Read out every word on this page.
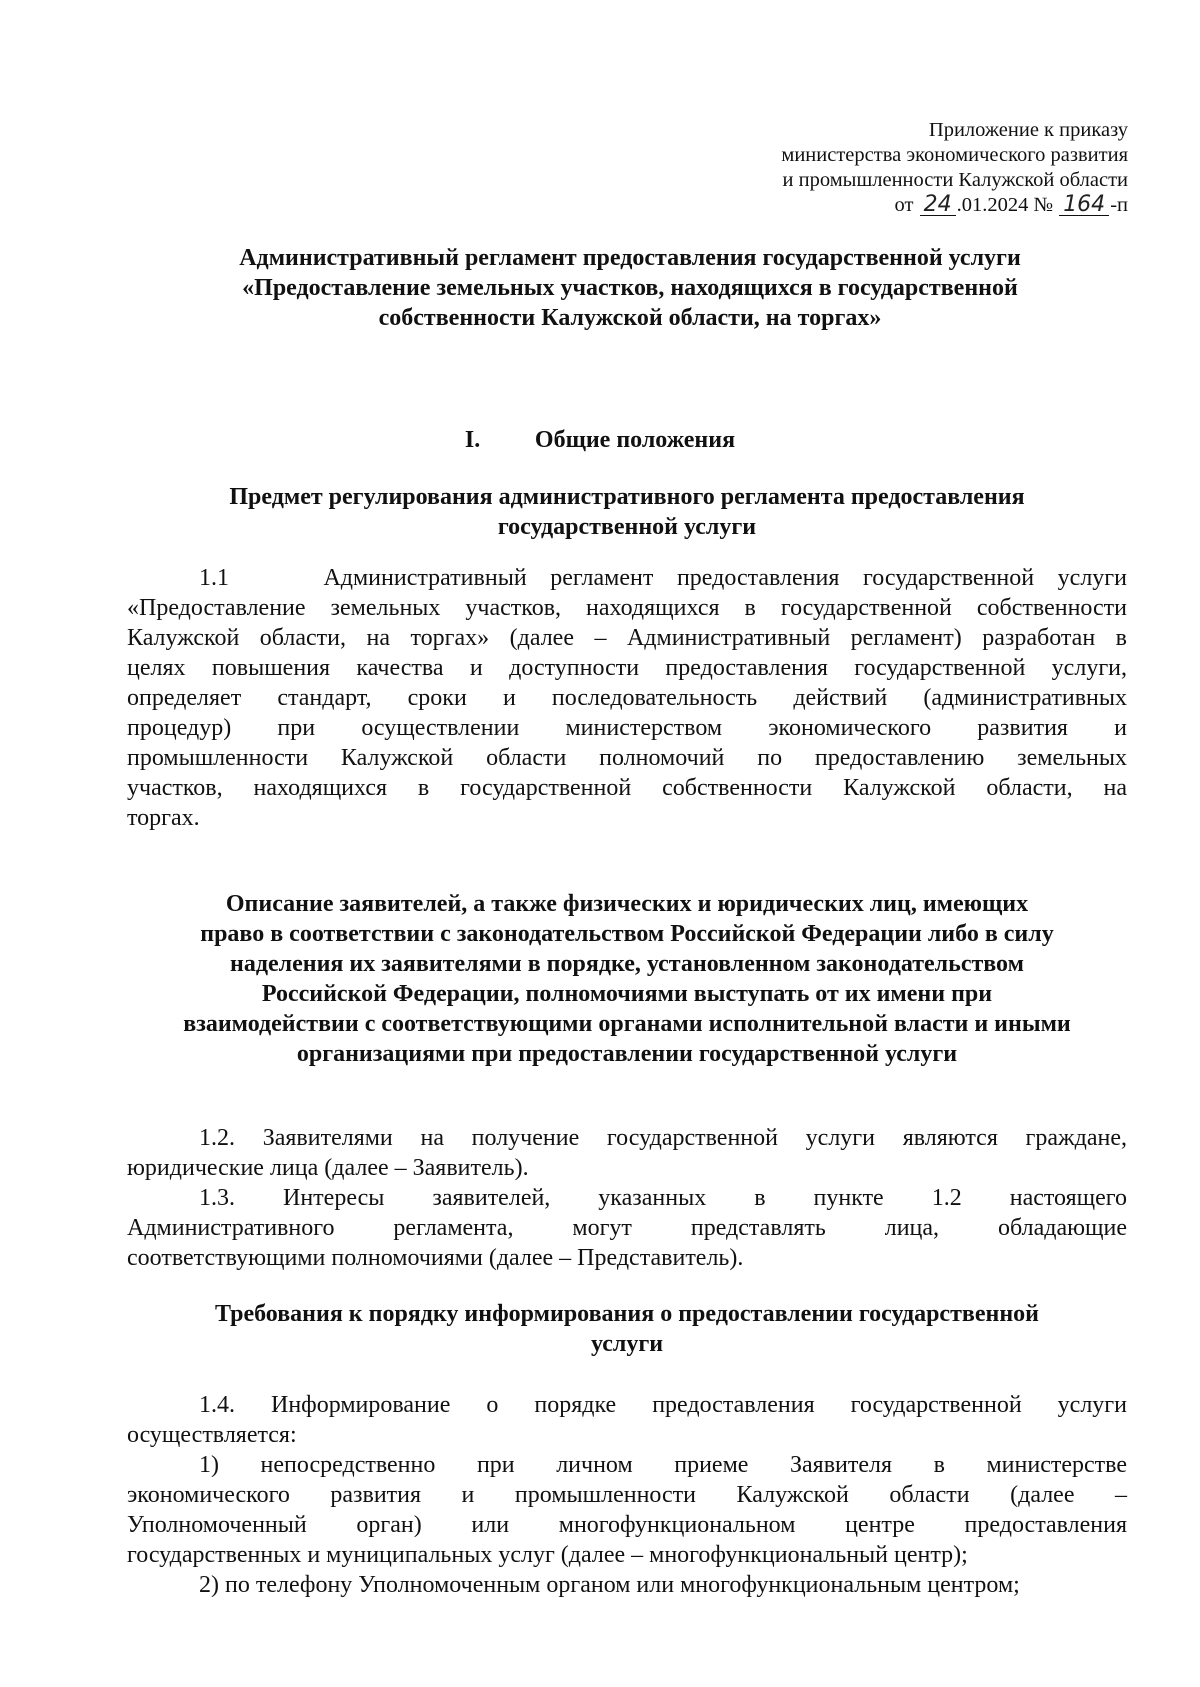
Приложение к приказу
министерства экономического развития
и промышленности Калужской области
от 24 .01.2024 № 164 -п
Административный регламент предоставления государственной услуги
«Предоставление земельных участков, находящихся в государственной
собственности Калужской области, на торгах»
I. Общие положения
Предмет регулирования административного регламента предоставления
государственной услуги
1.1    Административный регламент предоставления государственной услуги
«Предоставление земельных участков, находящихся в государственной собственности
Калужской области, на торгах» (далее – Административный регламент) разработан в
целях повышения качества и доступности предоставления государственной услуги,
определяет стандарт, сроки и последовательность действий (административных
процедур) при осуществлении министерством экономического развития и
промышленности Калужской области полномочий по предоставлению земельных
участков, находящихся в государственной собственности Калужской области, на
торгах.
Описание заявителей, а также физических и юридических лиц, имеющих
право в соответствии с законодательством Российской Федерации либо в силу
наделения их заявителями в порядке, установленном законодательством
Российской Федерации, полномочиями выступать от их имени при
взаимодействии с соответствующими органами исполнительной власти и иными
организациями при предоставлении государственной услуги
1.2. Заявителями на получение государственной услуги являются граждане,
юридические лица (далее – Заявитель).
1.3. Интересы заявителей, указанных в пункте 1.2 настоящего
Административного регламента, могут представлять лица, обладающие
соответствующими полномочиями (далее – Представитель).
Требования к порядку информирования о предоставлении государственной
услуги
1.4. Информирование о порядке предоставления государственной услуги
осуществляется:
1) непосредственно при личном приеме Заявителя в министерстве
экономического развития и промышленности Калужской области (далее –
Уполномоченный орган) или многофункциональном центре предоставления
государственных и муниципальных услуг (далее – многофункциональный центр);
2) по телефону Уполномоченным органом или многофункциональным центром;
